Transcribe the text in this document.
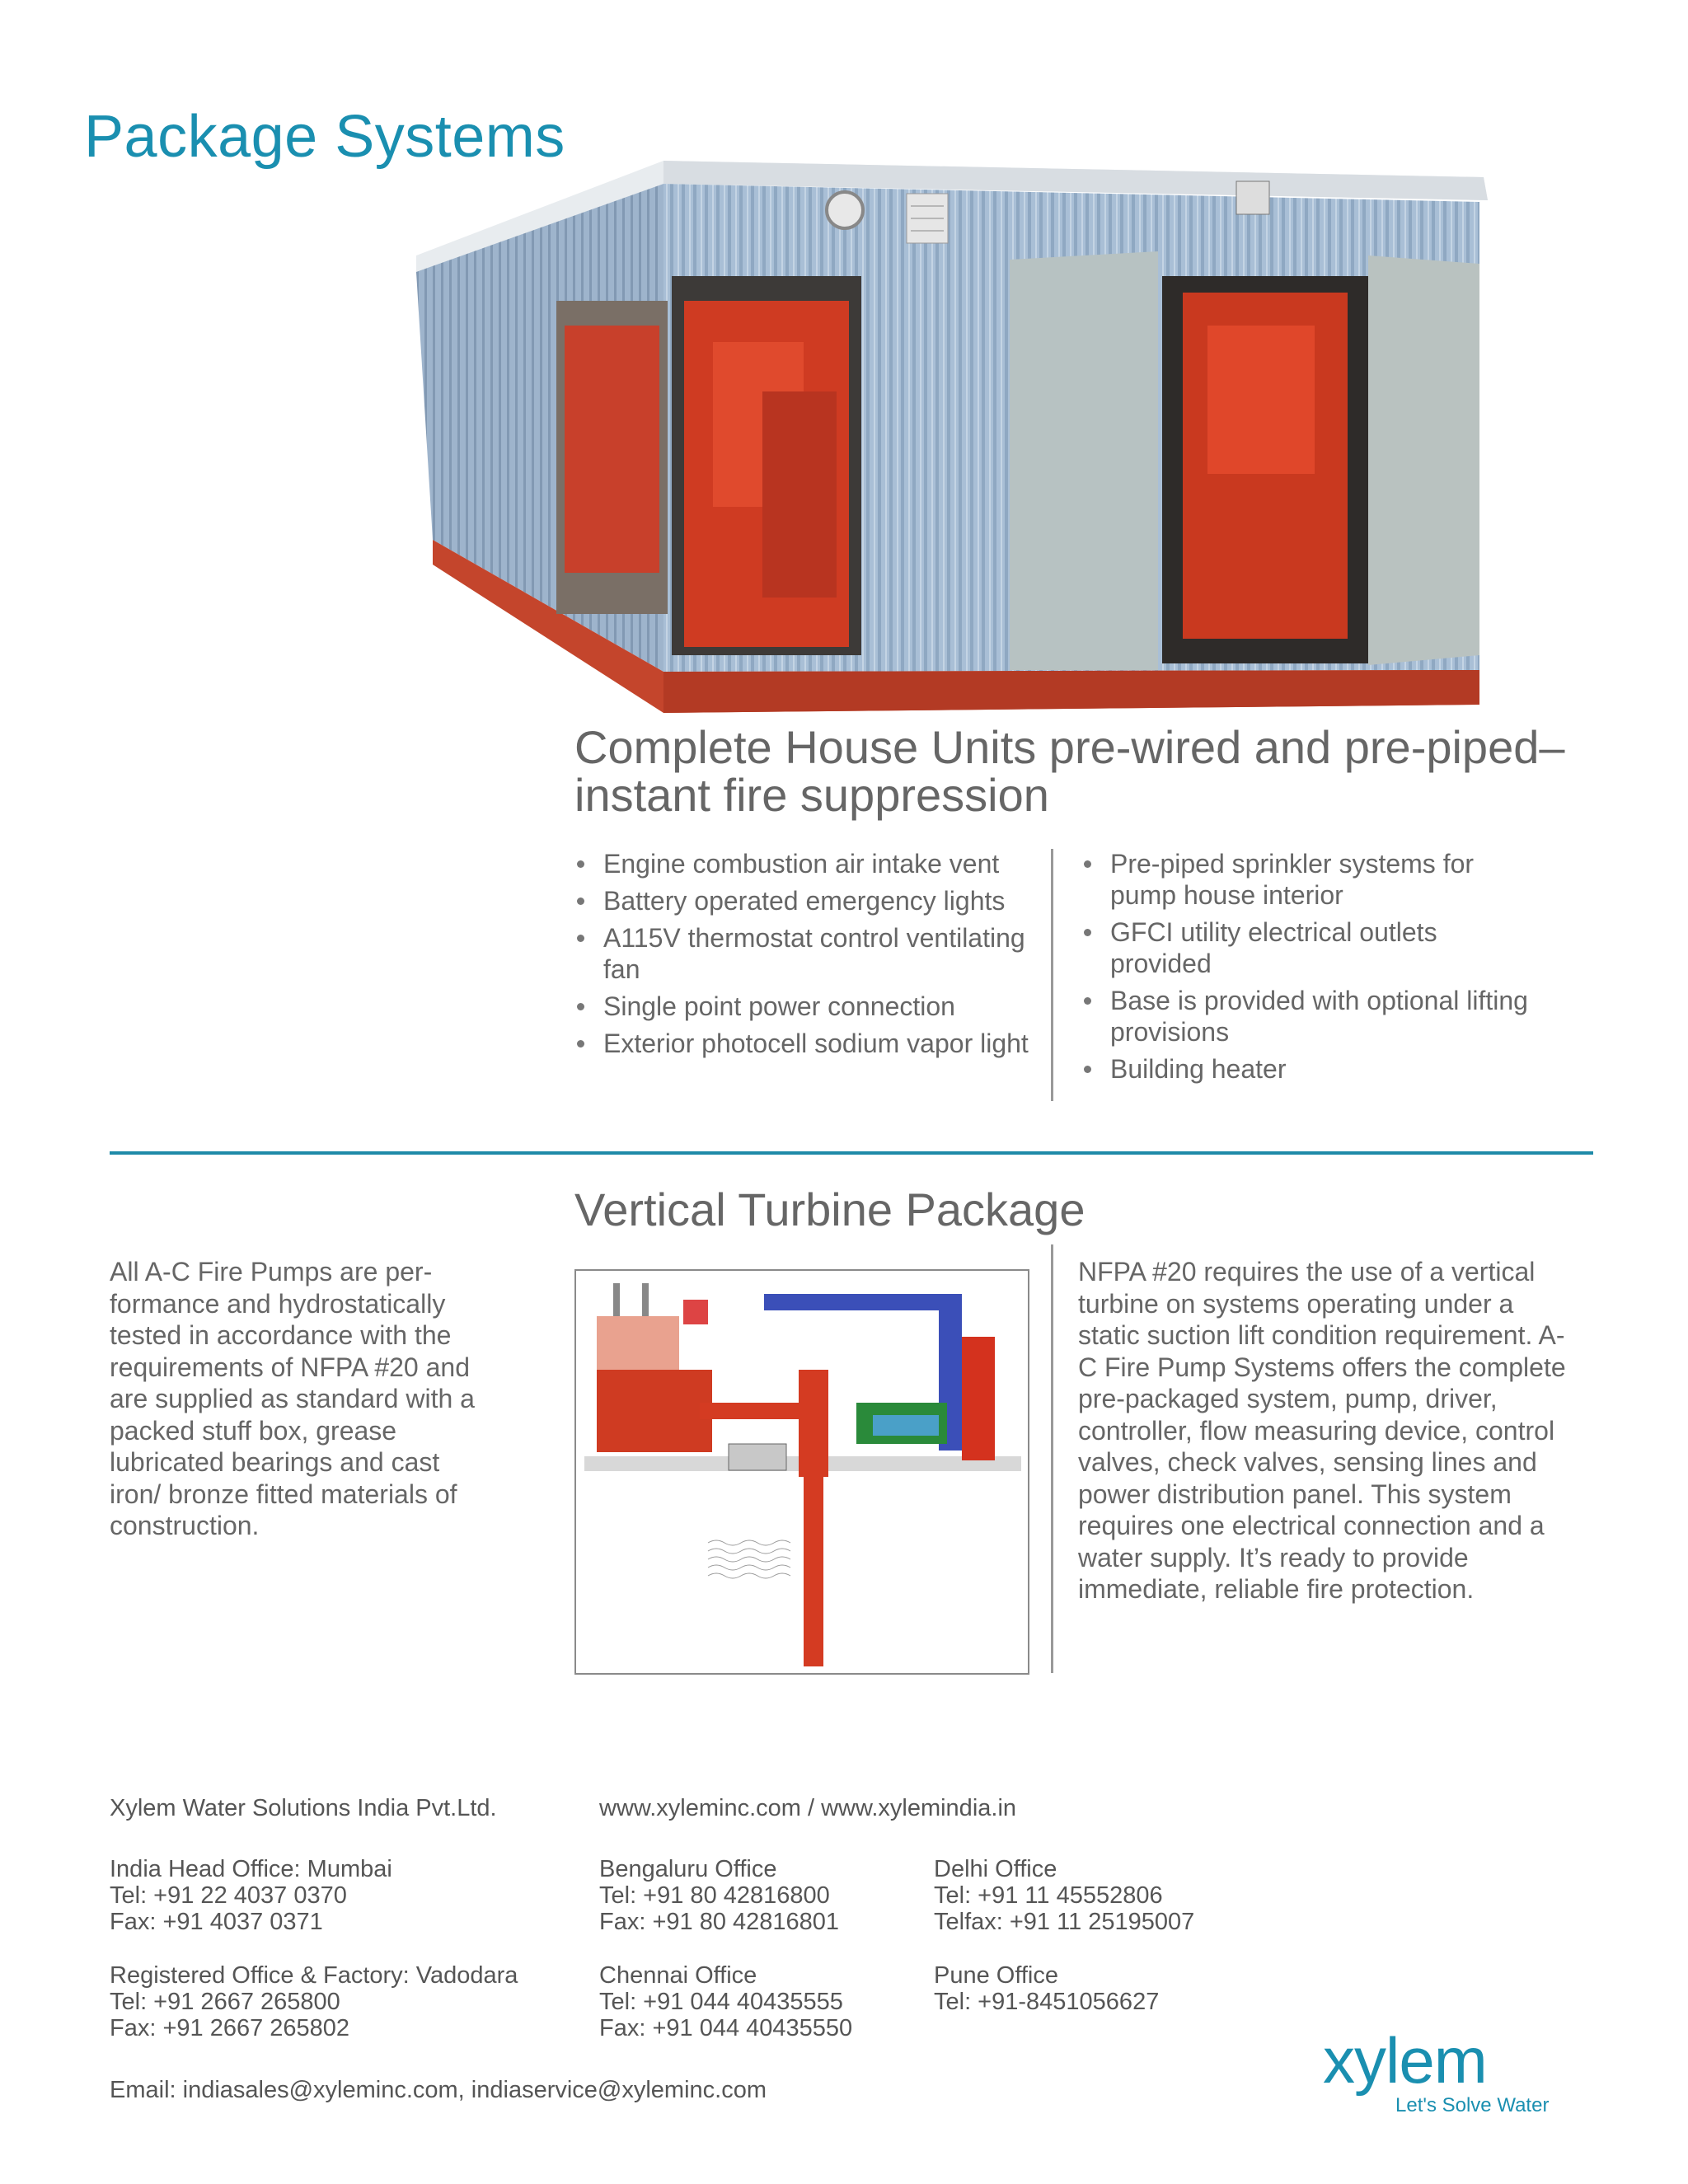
Package Systems
Complete House Units pre-wired and pre-piped– instant fire suppression
Engine combustion air intake vent
Battery operated emergency lights
A115V thermostat control ventilating fan
Single point power connection
Exterior photocell sodium vapor light
Pre-piped sprinkler systems for pump house interior
GFCI utility electrical outlets provided
Base is provided with optional lifting provisions
Building heater
Vertical Turbine Package
All A-C Fire Pumps are per-formance and hydrostatically tested in accordance with the requirements of NFPA #20 and are supplied as standard with a packed stuff box, grease lubricated bearings and cast iron/ bronze fitted materials of construction.
NFPA #20 requires the use of a vertical turbine on systems operating under a static suction lift condition requirement. A-C Fire Pump Systems offers the complete pre-packaged system, pump, driver, controller, flow measuring device, control valves, check valves, sensing lines and power distribution panel. This system requires one electrical connection and a water supply. It’s ready to provide immediate, reliable fire protection.
Xylem Water Solutions India Pvt.Ltd.	www.xyleminc.com / www.xylemindia.in
India Head Office: Mumbai
Tel: +91 22 4037 0370
Fax: +91 4037 0371
Bengaluru Office
Tel: +91 80 42816800
Fax: +91 80 42816801
Delhi Office
Tel: +91 11 45552806
Telfax: +91 11 25195007
Registered Office & Factory: Vadodara
Tel: +91 2667 265800
Fax: +91 2667 265802
Chennai Office
Tel: +91 044 40435555
Fax: +91 044 40435550
Pune Office
Tel: +91-8451056627
Email: indiasales@xyleminc.com, indiaservice@xyleminc.com	xylem
Let's Solve Water
